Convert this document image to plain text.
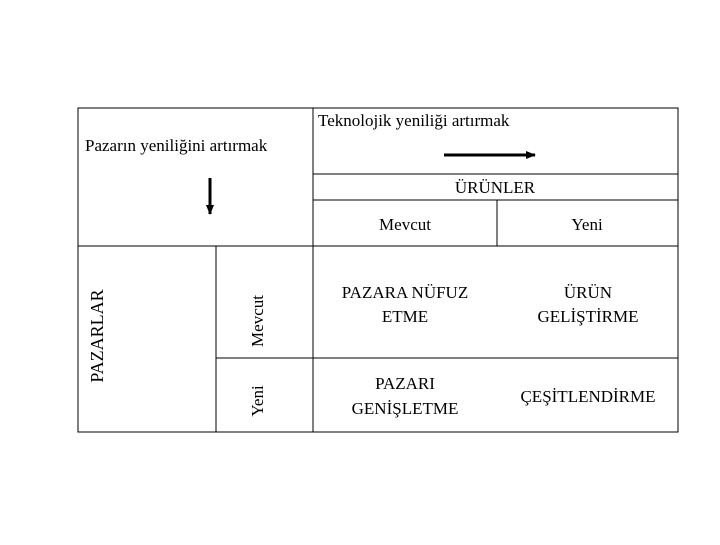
Teknolojik yeniliği artırmak
Pazarın yeniliğini artırmak
ÜRÜNLER
Mevcut	Yeni
PAZARLAR	Mevcut
Yeni
PAZARA NÜFUZ
ETME
ÜRÜN
GELİŞTİRME
PAZARI
GENİŞLETME
ÇEŞİTLENDİRME
